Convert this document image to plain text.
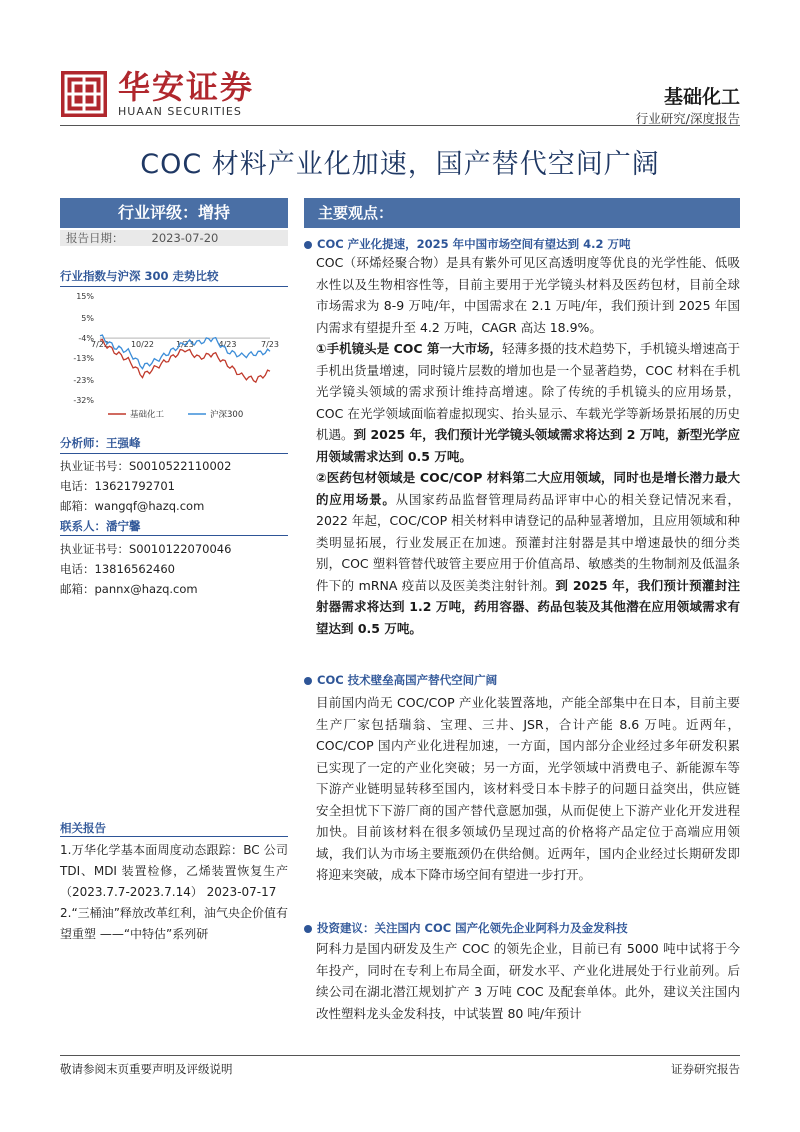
华安证券
HUAAN SECURITIES
基础化工
行业研究/深度报告
COC 材料产业化加速，国产替代空间广阔
行业评级：增持
报告日期： 2023-07-20
行业指数与沪深 300 走势比较
15%
5%
-4%
-13%
-23%
-32%
7/22	10/22	1/23	4/23	7/23
基础化工	沪深300
分析师：王强峰
执业证书号：S0010522110002
电话：13621792701
邮箱：wangqf@hazq.com
联系人：潘宁馨
执业证书号：S0010122070046
电话：13816562460
邮箱：pannx@hazq.com
相关报告

1.万华化学基本面周度动态跟踪：BC 公司 TDI、MDI 装置检修，乙烯装置恢复生产（2023.7.7-2023.7.14） 2023-07-17

2.“三桶油”释放改革红利，油气央企价值有望重塑 ——“中特估”系列研

主要观点：
COC 产业化提速，2025 年中国市场空间有望达到 4.2 万吨

COC（环烯烃聚合物）是具有紫外可见区高透明度等优良的光学性能、低吸水性以及生物相容性等，目前主要用于光学镜头材料及医药包材，目前全球市场需求为 8-9 万吨/年，中国需求在 2.1 万吨/年，我们预计到 2025 年国内需求有望提升至 4.2 万吨，CAGR 高达 18.9%。

①手机镜头是 COC 第一大市场，轻薄多摄的技术趋势下，手机镜头增速高于手机出货量增速，同时镜片层数的增加也是一个显著趋势，COC 材料在手机光学镜头领域的需求预计维持高增速。除了传统的手机镜头的应用场景，COC 在光学领域面临着虚拟现实、抬头显示、车载光学等新场景拓展的历史机遇。到 2025 年，我们预计光学镜头领域需求将达到 2 万吨，新型光学应用领域需求达到 0.5 万吨。

②医药包材领域是 COC/COP 材料第二大应用领域，同时也是增长潜力最大的应用场景。从国家药品监督管理局药品评审中心的相关登记情况来看，2022 年起，COC/COP 相关材料申请登记的品种显著增加，且应用领域和种类明显拓展，行业发展正在加速。预灌封注射器是其中增速最快的细分类别，COC 塑料管替代玻管主要应用于价值高昂、敏感类的生物制剂及低温条件下的 mRNA 疫苗以及医美类注射针剂。到 2025 年，我们预计预灌封注射器需求将达到 1.2 万吨，药用容器、药品包装及其他潜在应用领域需求有望达到 0.5 万吨。

COC 技术壁垒高国产替代空间广阔

目前国内尚无 COC/COP 产业化装置落地，产能全部集中在日本，目前主要生产厂家包括瑞翁、宝理、三井、JSR，合计产能 8.6 万吨。近两年，COC/COP 国内产业化进程加速，一方面，国内部分企业经过多年研发积累已实现了一定的产业化突破；另一方面，光学领域中消费电子、新能源车等下游产业链明显转移至国内，该材料受日本卡脖子的问题日益突出，供应链安全担忧下下游厂商的国产替代意愿加强，从而促使上下游产业化开发进程加快。目前该材料在很多领域仍呈现过高的价格将产品定位于高端应用领域，我们认为市场主要瓶颈仍在供给侧。近两年，国内企业经过长期研发即将迎来突破，成本下降市场空间有望进一步打开。

投资建议：关注国内 COC 国产化领先企业阿科力及金发科技

阿科力是国内研发及生产 COC 的领先企业，目前已有 5000 吨中试将于今年投产，同时在专利上布局全面，研发水平、产业化进展处于行业前列。后续公司在湖北潜江规划扩产 3 万吨 COC 及配套单体。此外，建议关注国内改性塑料龙头金发科技，中试装置 80 吨/年预计

敬请参阅末页重要声明及评级说明	证券研究报告
